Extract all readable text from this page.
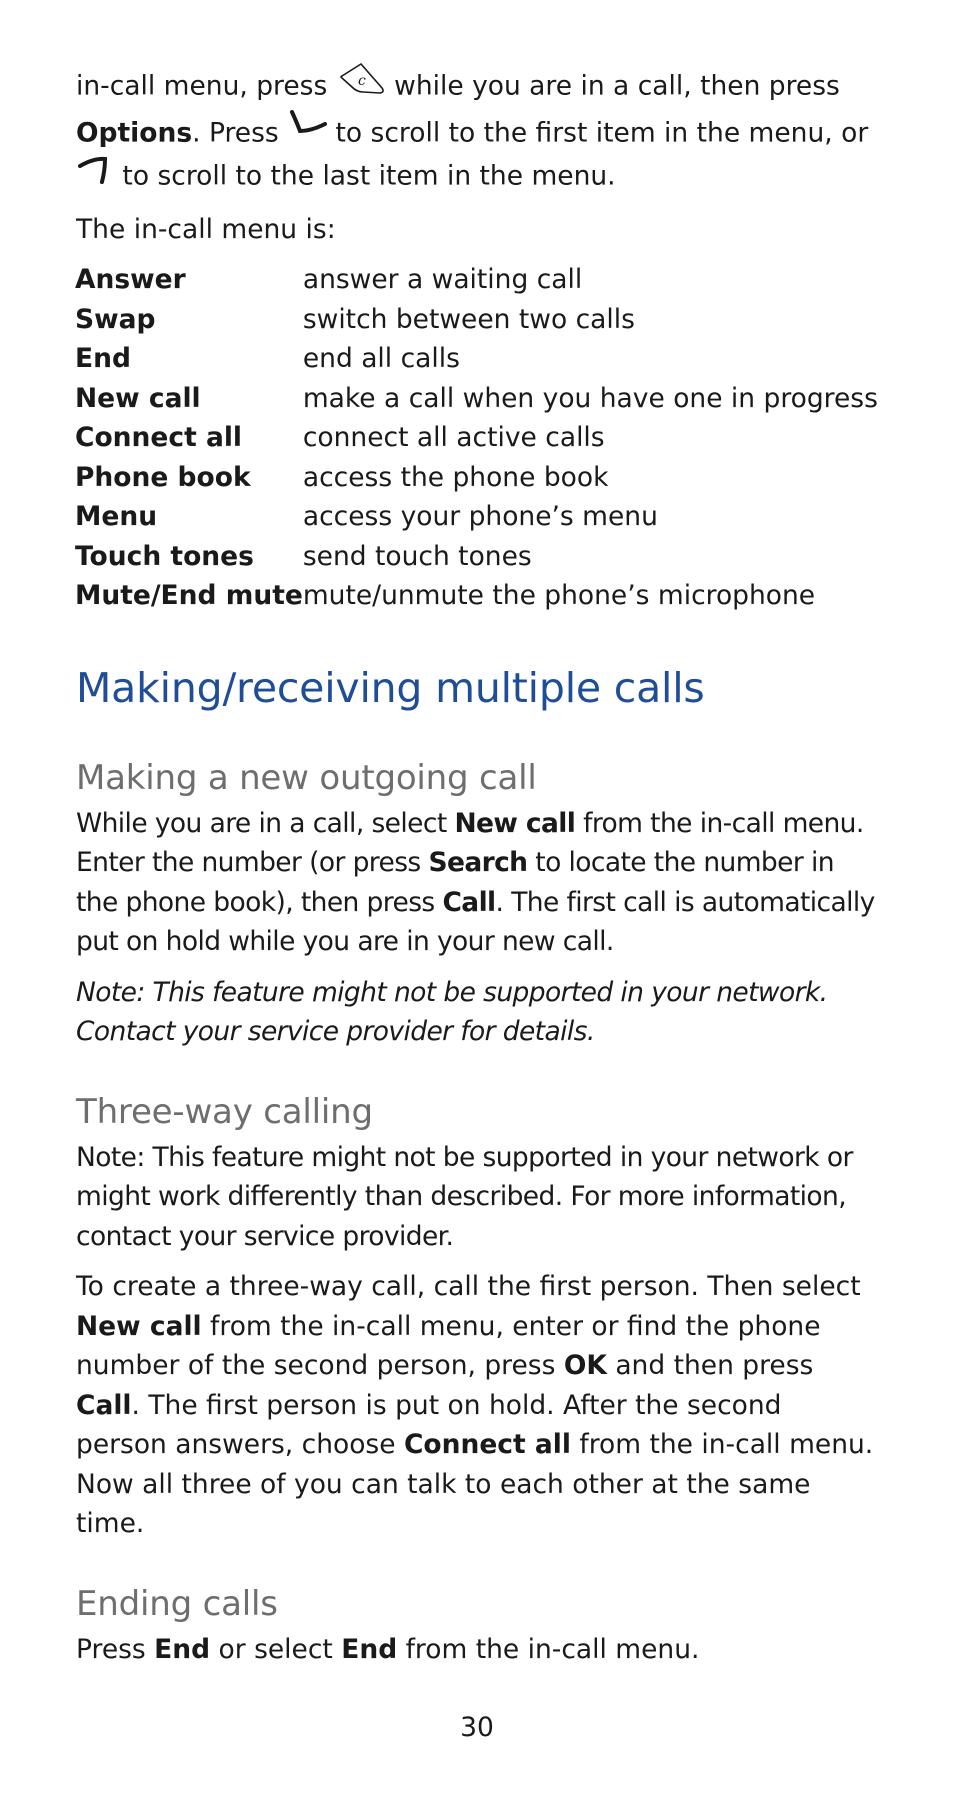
in-call menu, press c while you are in a call, then press Options. Press  to scroll to the first item in the menu, or  to scroll to the last item in the menu.

The in-call menu is:

Answer	answer a waiting call
Swap	switch between two calls
End	end all calls
New call	make a call when you have one in progress
Connect all	connect all active calls
Phone book	access the phone book
Menu	access your phone’s menu
Touch tones	send touch tones
Mute/End mute	mute/unmute the phone’s microphone
Making/receiving multiple calls
Making a new outgoing call

While you are in a call, select New call from the in-call menu. Enter the number (or press Search to locate the number in the phone book), then press Call. The first call is automatically put on hold while you are in your new call.

Note: This feature might not be supported in your network. Contact your service provider for details.

Three-way calling

Note: This feature might not be supported in your network or might work differently than described. For more information, contact your service provider.

To create a three-way call, call the first person. Then select New call from the in-call menu, enter or find the phone number of the second person, press OK and then press Call. The first person is put on hold. After the second person answers, choose Connect all from the in-call menu. Now all three of you can talk to each other at the same time.

Ending calls

Press End or select End from the in-call menu.

30
